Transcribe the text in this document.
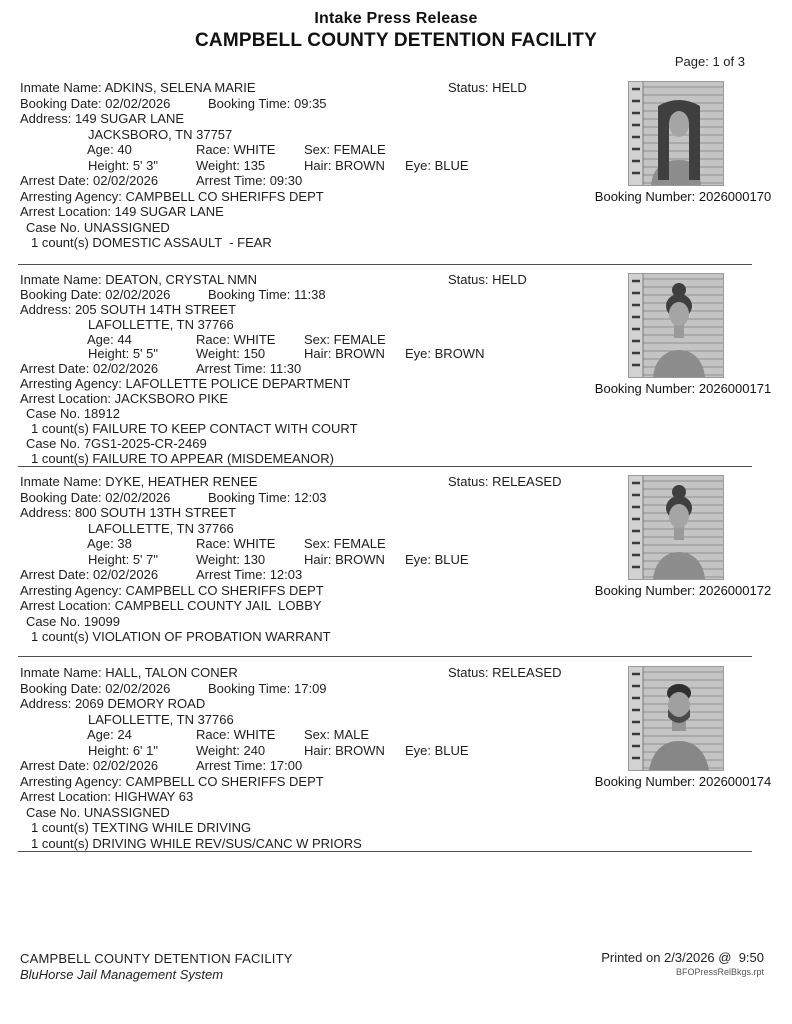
Intake Press Release
CAMPBELL COUNTY DETENTION FACILITY
Page: 1 of 3
Inmate Name: ADKINS, SELENA MARIE	Status: HELD
Booking Date: 02/02/2026	Booking Time: 09:35
Address: 149 SUGAR LANE
JACKSBORO, TN 37757
Age: 40	Race: WHITE Sex: FEMALE
Height: 5' 3"	Weight: 135	Hair: BROWN Eye: BLUE
Arrest Date: 02/02/2026	Arrest Time: 09:30
Arresting Agency: CAMPBELL CO SHERIFFS DEPT
Arrest Location: 149 SUGAR LANE
Case No. UNASSIGNED
1 count(s) DOMESTIC ASSAULT  - FEAR
Booking Number: 2026000170
Inmate Name: DEATON, CRYSTAL NMN	Status: HELD
Booking Date: 02/02/2026	Booking Time: 11:38
Address: 205 SOUTH 14TH STREET
LAFOLLETTE, TN 37766
Age: 44	Race: WHITE Sex: FEMALE
Height: 5' 5"	Weight: 150	Hair: BROWN Eye: BROWN
Arrest Date: 02/02/2026	Arrest Time: 11:30
Arresting Agency: LAFOLLETTE POLICE DEPARTMENT
Arrest Location: JACKSBORO PIKE
Case No. 18912
1 count(s) FAILURE TO KEEP CONTACT WITH COURT
Case No. 7GS1-2025-CR-2469
1 count(s) FAILURE TO APPEAR (MISDEMEANOR)
Booking Number: 2026000171
Inmate Name: DYKE, HEATHER RENEE	Status: RELEASED
Booking Date: 02/02/2026	Booking Time: 12:03
Address: 800 SOUTH 13TH STREET
LAFOLLETTE, TN 37766
Age: 38	Race: WHITE Sex: FEMALE
Height: 5' 7"	Weight: 130	Hair: BROWN Eye: BLUE
Arrest Date: 02/02/2026	Arrest Time: 12:03
Arresting Agency: CAMPBELL CO SHERIFFS DEPT
Arrest Location: CAMPBELL COUNTY JAIL  LOBBY
Case No. 19099
1 count(s) VIOLATION OF PROBATION WARRANT
Booking Number: 2026000172
Inmate Name: HALL, TALON CONER	Status: RELEASED
Booking Date: 02/02/2026	Booking Time: 17:09
Address: 2069 DEMORY ROAD
LAFOLLETTE, TN 37766
Age: 24	Race: WHITE Sex: MALE
Height: 6' 1"	Weight: 240	Hair: BROWN Eye: BLUE
Arrest Date: 02/02/2026	Arrest Time: 17:00
Arresting Agency: CAMPBELL CO SHERIFFS DEPT
Arrest Location: HIGHWAY 63
Case No. UNASSIGNED
1 count(s) TEXTING WHILE DRIVING
1 count(s) DRIVING WHILE REV/SUS/CANC W PRIORS
Booking Number: 2026000174
CAMPBELL COUNTY DETENTION FACILITY
BluHorse Jail Management System
Printed on 2/3/2026 @  9:50
BFOPressRelBkgs.rpt
